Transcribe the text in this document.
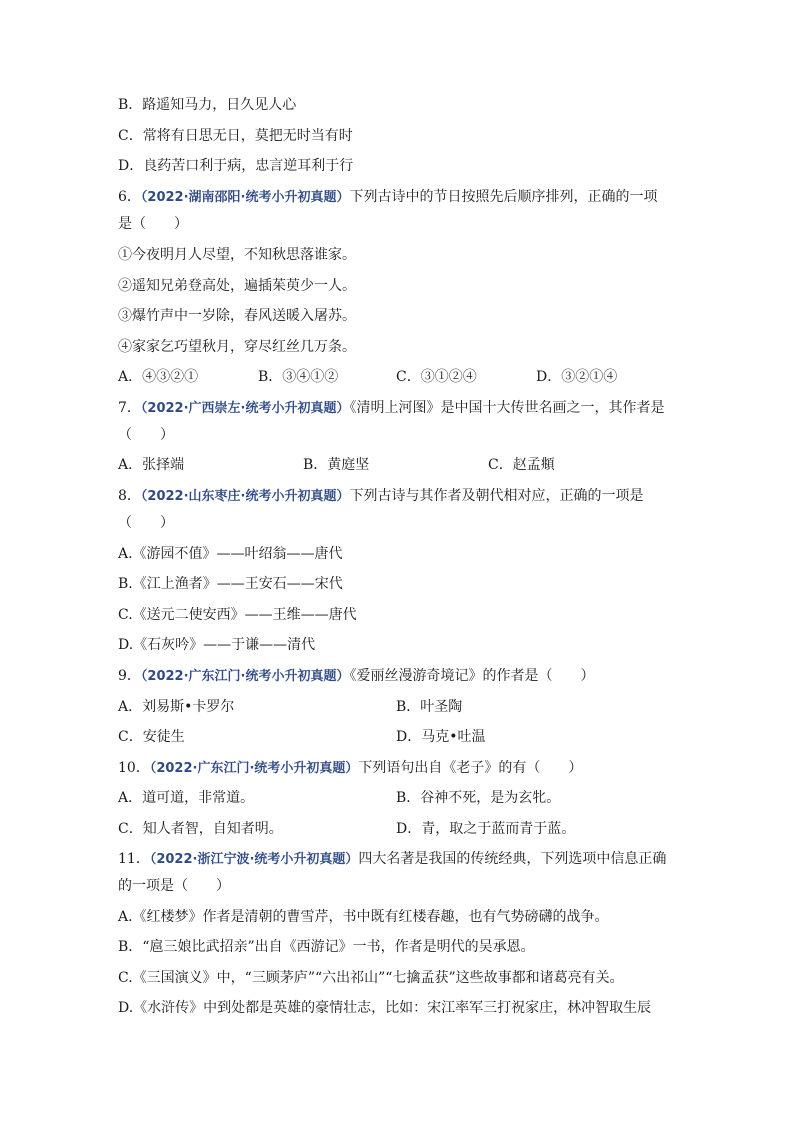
B．路遥知马力，日久见人心
C．常将有日思无日，莫把无时当有时
D．良药苦口利于病，忠言逆耳利于行
6．（2022·湖南邵阳·统考小升初真题）下列古诗中的节日按照先后顺序排列，正确的一项
是（　　）
①今夜明月人尽望，不知秋思落谁家。
②遥知兄弟登高处，遍插茱萸少一人。
③爆竹声中一岁除，春风送暖入屠苏。
④家家乞巧望秋月，穿尽红丝几万条。
A．④③②①	B．③④①②	C．③①②④	D．③②①④
7．（2022·广西崇左·统考小升初真题）《清明上河图》是中国十大传世名画之一，其作者是
（　　）
A．张择端	B．黄庭坚	C．赵孟頫
8．（2022·山东枣庄·统考小升初真题）下列古诗与其作者及朝代相对应，正确的一项是
（　　）
A.《游园不值》——叶绍翁——唐代
B.《江上渔者》——王安石——宋代
C.《送元二使安西》——王维——唐代
D.《石灰吟》——于谦——清代
9．（2022·广东江门·统考小升初真题）《爱丽丝漫游奇境记》的作者是（　　）
A．刘易斯•卡罗尔	B．叶圣陶
C．安徒生	D．马克•吐温
10．（2022·广东江门·统考小升初真题）下列语句出自《老子》的有（　　）
A．道可道，非常道。	B．谷神不死，是为玄牝。
C．知人者智，自知者明。	D．青，取之于蓝而青于蓝。
11．（2022·浙江宁波·统考小升初真题）四大名著是我国的传统经典，下列选项中信息正确
的一项是（　　）
A.《红楼梦》作者是清朝的曹雪芹，书中既有红楼春趣，也有气势磅礴的战争。
B．“扈三娘比武招亲”出自《西游记》一书，作者是明代的吴承恩。
C.《三国演义》中，“三顾茅庐”“六出祁山”“七擒孟获”这些故事都和诸葛亮有关。
D.《水浒传》中到处都是英雄的豪情壮志，比如：宋江率军三打祝家庄，林冲智取生辰
